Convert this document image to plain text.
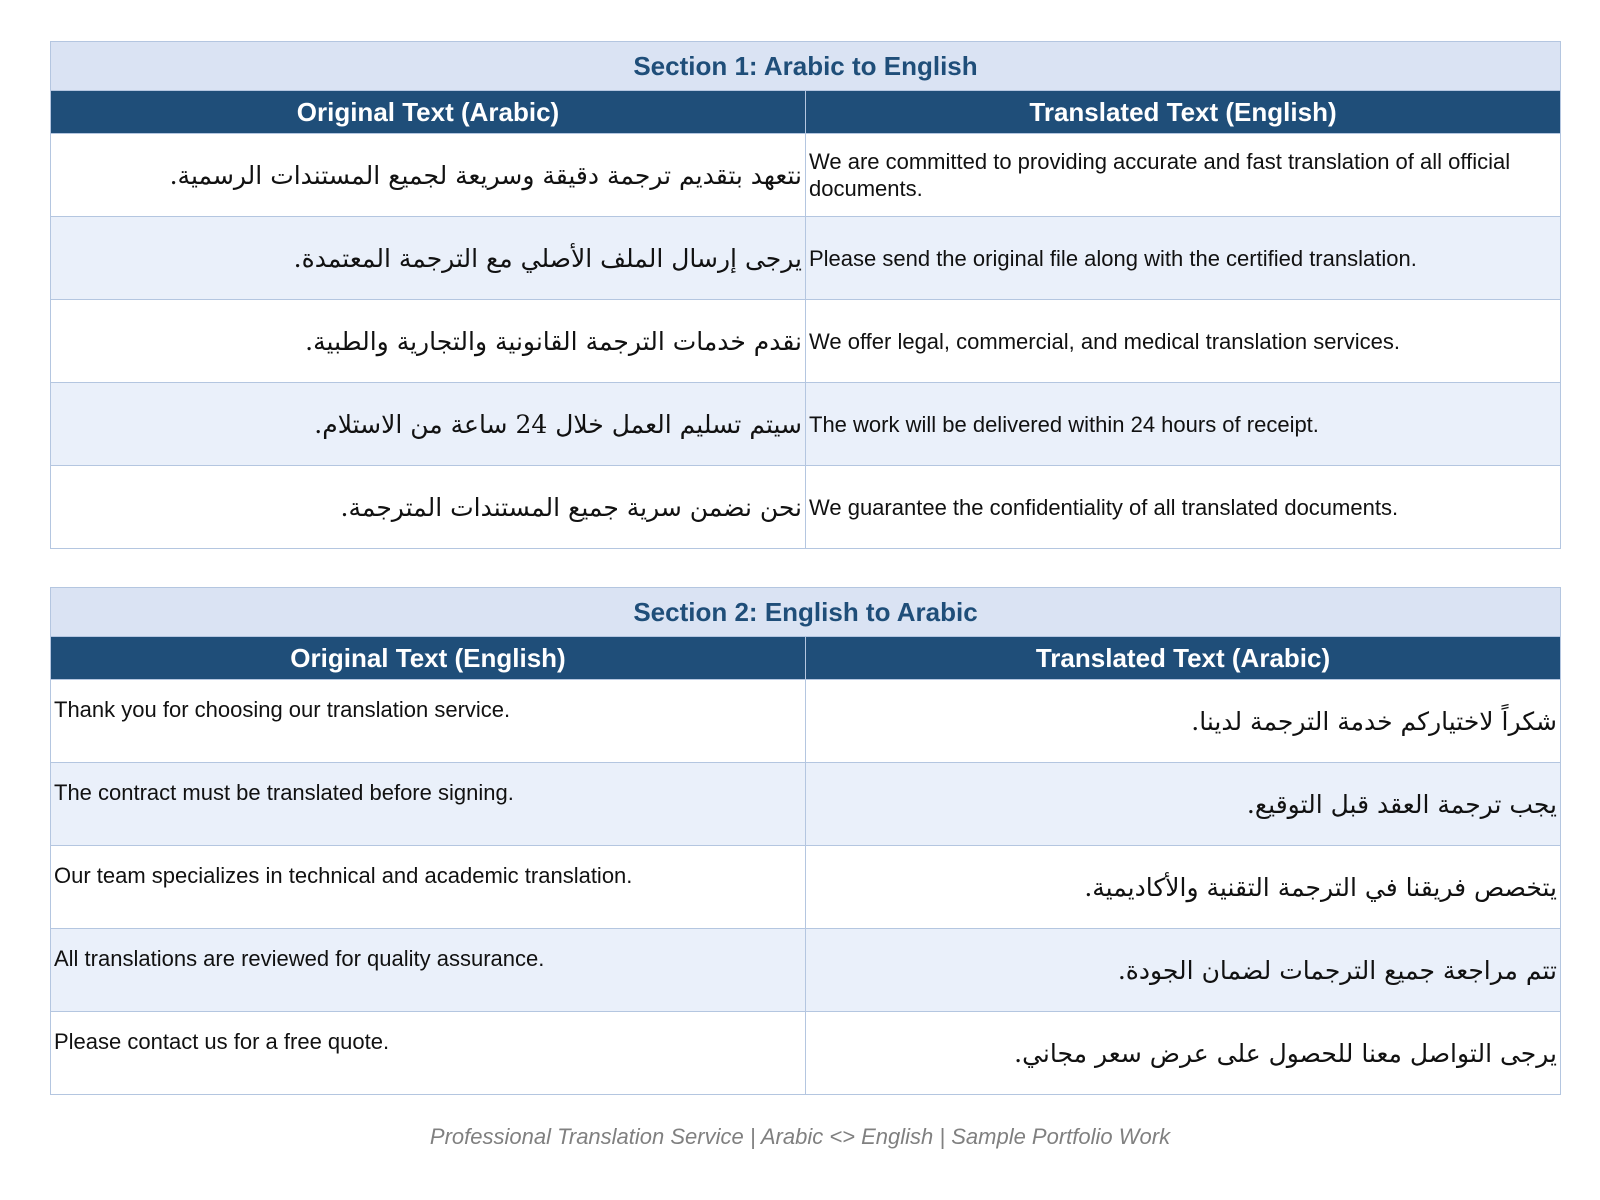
Section 1: Arabic to English	
Original Text (Arabic)	Translated Text (English)
نتعهد بتقديم ترجمة دقيقة وسريعة لجميع المستندات الرسمية.	We are committed to providing accurate and fast translation of all official documents.
يرجى إرسال الملف الأصلي مع الترجمة المعتمدة.	Please send the original file along with the certified translation.
نقدم خدمات الترجمة القانونية والتجارية والطبية.	We offer legal, commercial, and medical translation services.
سيتم تسليم العمل خلال 24 ساعة من الاستلام.	The work will be delivered within 24 hours of receipt.
نحن نضمن سرية جميع المستندات المترجمة.	We guarantee the confidentiality of all translated documents.
Section 2: English to Arabic	
Original Text (English)	Translated Text (Arabic)
Thank you for choosing our translation service.	شكراً لاختياركم خدمة الترجمة لدينا.
The contract must be translated before signing.	يجب ترجمة العقد قبل التوقيع.
Our team specializes in technical and academic translation.	يتخصص فريقنا في الترجمة التقنية والأكاديمية.
All translations are reviewed for quality assurance.	تتم مراجعة جميع الترجمات لضمان الجودة.
Please contact us for a free quote.	يرجى التواصل معنا للحصول على عرض سعر مجاني.
Professional Translation Service | Arabic <> English | Sample Portfolio Work
